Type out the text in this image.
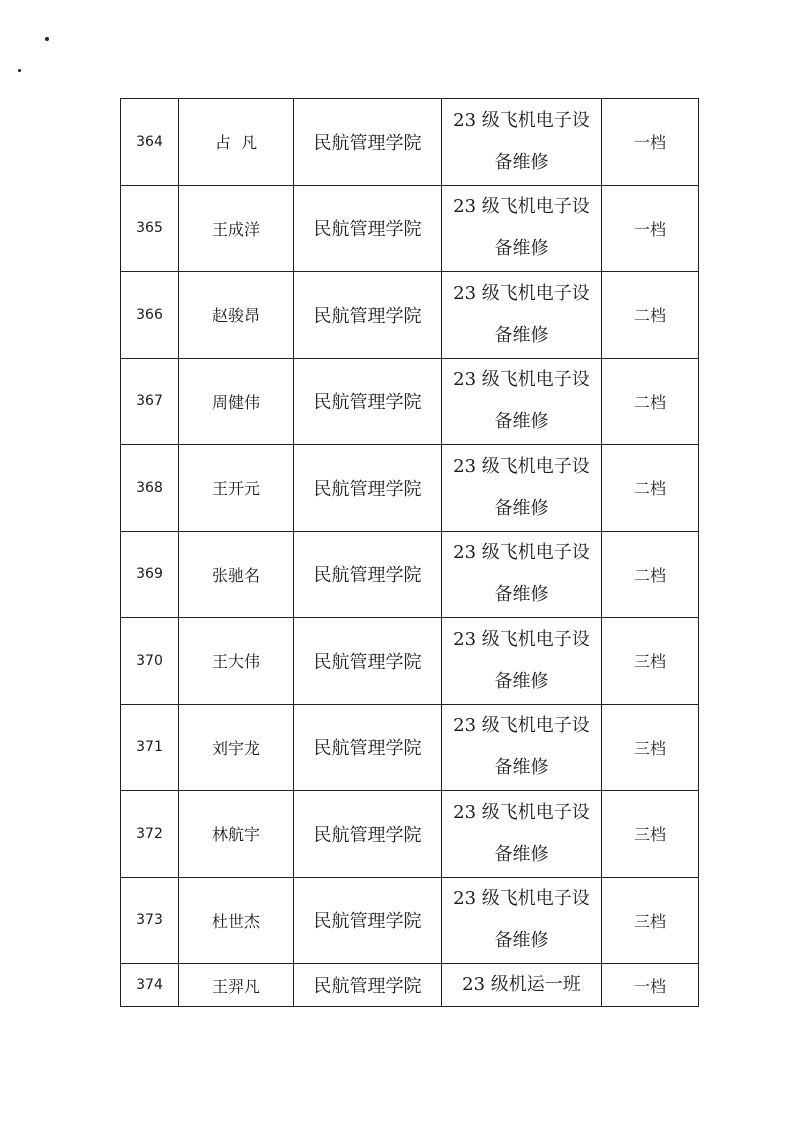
364	占  凡	民航管理学院	23 级飞机电子设备维修	一档
365	王成洋	民航管理学院	23 级飞机电子设备维修	一档
366	赵骏昂	民航管理学院	23 级飞机电子设备维修	二档
367	周健伟	民航管理学院	23 级飞机电子设备维修	二档
368	王开元	民航管理学院	23 级飞机电子设备维修	二档
369	张驰名	民航管理学院	23 级飞机电子设备维修	二档
370	王大伟	民航管理学院	23 级飞机电子设备维修	三档
371	刘宇龙	民航管理学院	23 级飞机电子设备维修	三档
372	林航宇	民航管理学院	23 级飞机电子设备维修	三档
373	杜世杰	民航管理学院	23 级飞机电子设备维修	三档
374	王羿凡	民航管理学院	23 级机运一班	一档
